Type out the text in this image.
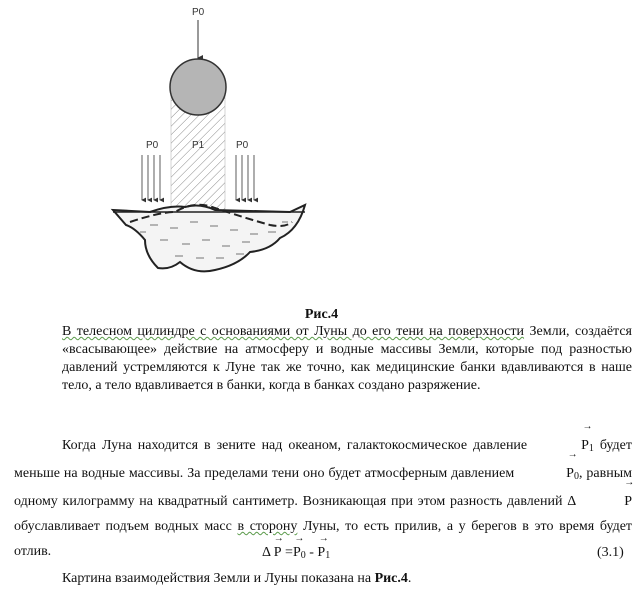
P0
P1
P0	P0
Рис.4
В телесном цилиндре с основаниями от Луны до его тени на поверхности Земли, создаётся «всасывающее» действие на атмосферу и водные массивы Земли, которые под разностью давлений устремляются к Луне так же точно, как медицинские банки вдавливаются в наше тело, а тело вдавливается в банки, когда в банках создано разряжение.
Когда Луна находится в зените над океаном, галактокосмическое давление	→ $P_1$ будет меньше на водные массивы. За пределами тени оно будет атмосферным давлением	→ $P_0$, равным одному килограмму на квадратный сантиметр. Возникающая при этом разность давлений Δ	→ Pобуславливает подъем водных масс в сторону Луны, то есть прилив, а у берегов в это время будет отлив.	$\Delta \to P =\to P_0$ - → $P_1$	(3.1)
Картина взаимодействия Земли и Луны показана на Рис.4.
